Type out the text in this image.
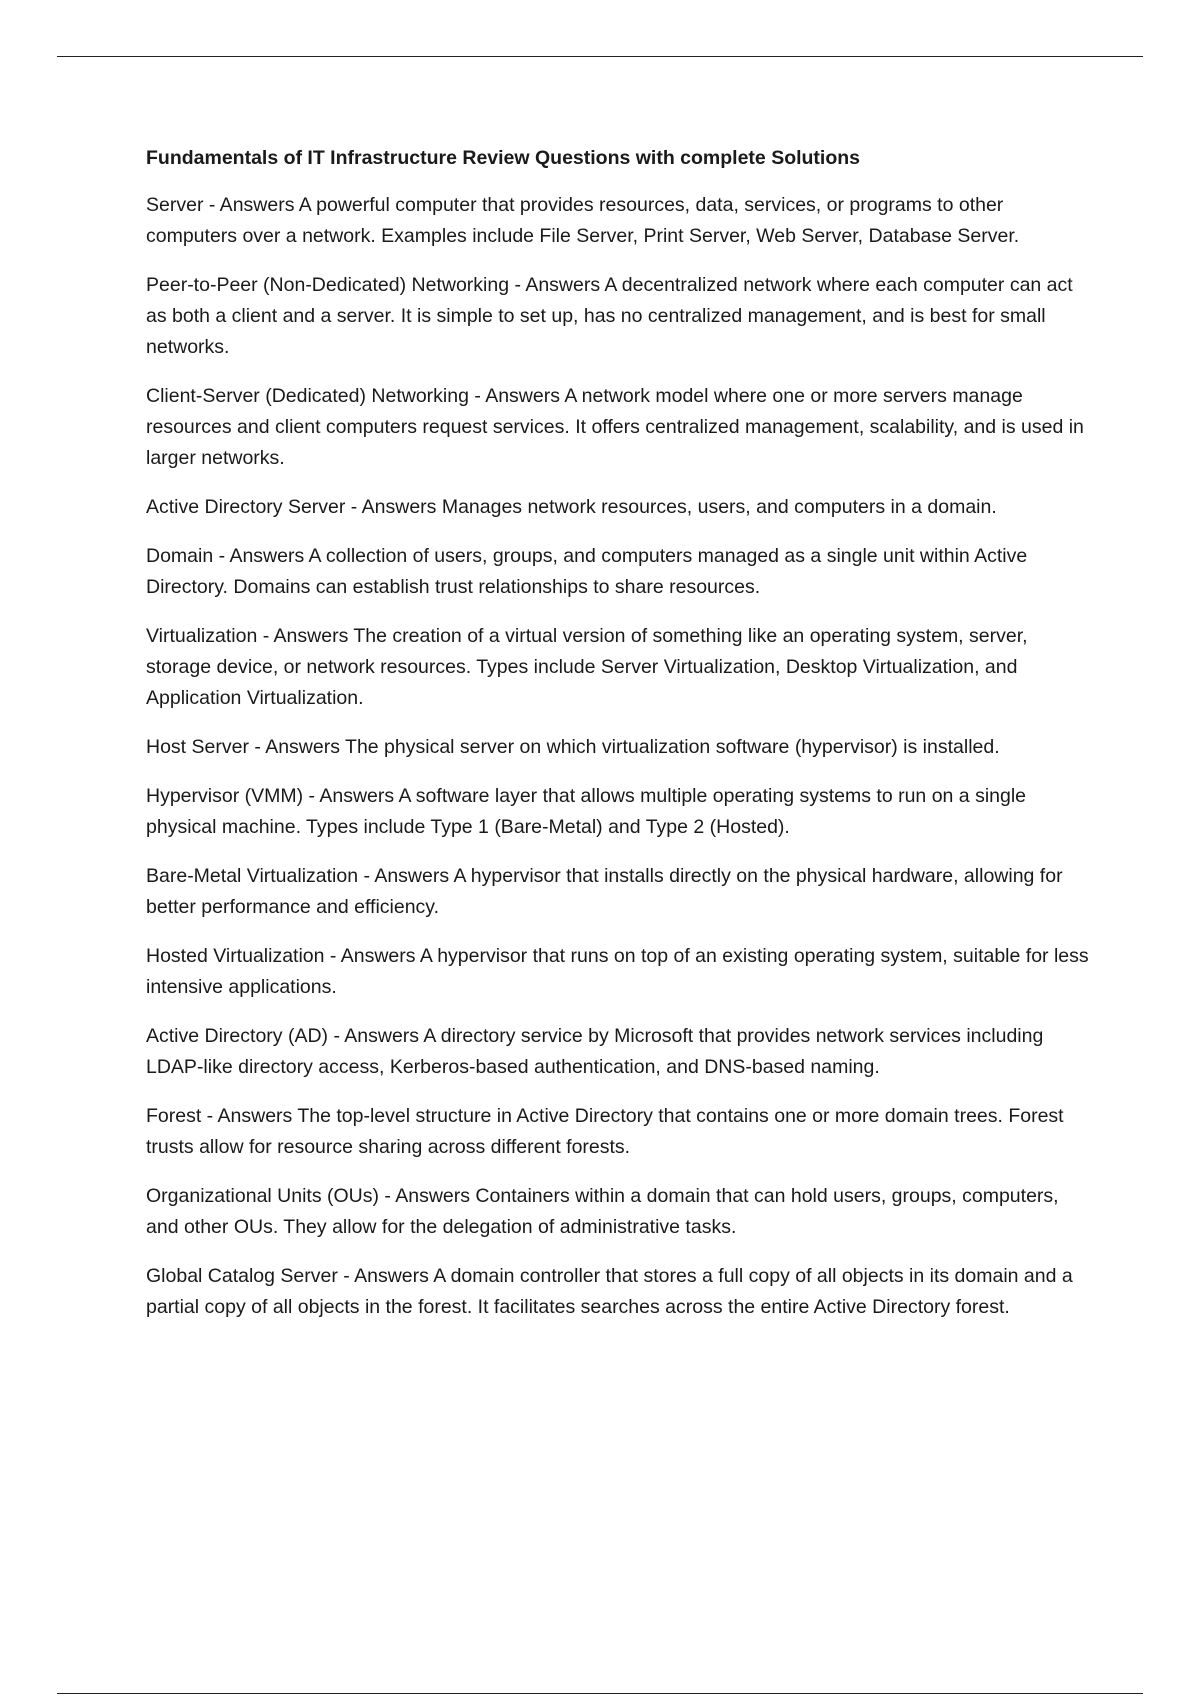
Fundamentals of IT Infrastructure Review Questions with complete Solutions

Server - Answers A powerful computer that provides resources, data, services, or programs to other computers over a network. Examples include File Server, Print Server, Web Server, Database Server.

Peer-to-Peer (Non-Dedicated) Networking - Answers A decentralized network where each computer can act as both a client and a server. It is simple to set up, has no centralized management, and is best for small networks.

Client-Server (Dedicated) Networking - Answers A network model where one or more servers manage resources and client computers request services. It offers centralized management, scalability, and is used in larger networks.

Active Directory Server - Answers Manages network resources, users, and computers in a domain.

Domain - Answers A collection of users, groups, and computers managed as a single unit within Active Directory. Domains can establish trust relationships to share resources.

Virtualization - Answers The creation of a virtual version of something like an operating system, server, storage device, or network resources. Types include Server Virtualization, Desktop Virtualization, and Application Virtualization.

Host Server - Answers The physical server on which virtualization software (hypervisor) is installed.

Hypervisor (VMM) - Answers A software layer that allows multiple operating systems to run on a single physical machine. Types include Type 1 (Bare-Metal) and Type 2 (Hosted).

Bare-Metal Virtualization - Answers A hypervisor that installs directly on the physical hardware, allowing for better performance and efficiency.

Hosted Virtualization - Answers A hypervisor that runs on top of an existing operating system, suitable for less intensive applications.

Active Directory (AD) - Answers A directory service by Microsoft that provides network services including LDAP-like directory access, Kerberos-based authentication, and DNS-based naming.

Forest - Answers The top-level structure in Active Directory that contains one or more domain trees. Forest trusts allow for resource sharing across different forests.

Organizational Units (OUs) - Answers Containers within a domain that can hold users, groups, computers, and other OUs. They allow for the delegation of administrative tasks.

Global Catalog Server - Answers A domain controller that stores a full copy of all objects in its domain and a partial copy of all objects in the forest. It facilitates searches across the entire Active Directory forest.
